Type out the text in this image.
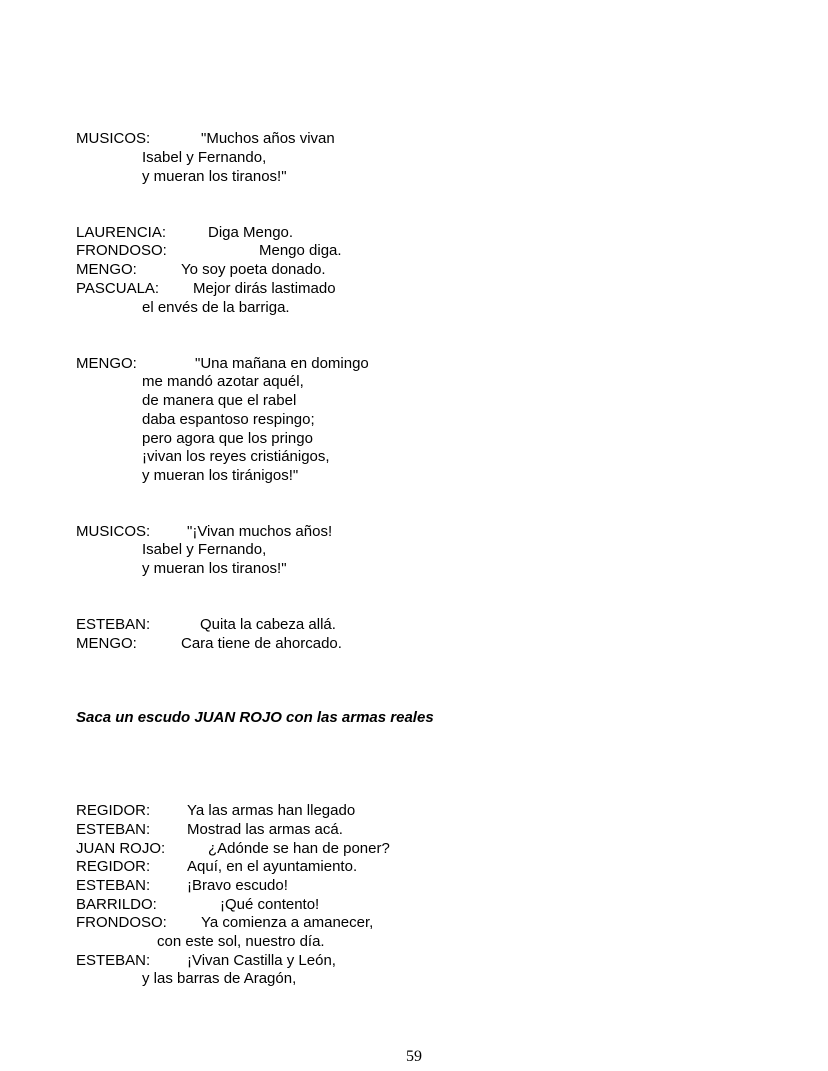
MUSICOS:	"Muchos años vivan
Isabel y Fernando,
y mueran los tiranos!"
LAURENCIA:	Diga Mengo.
FRONDOSO:	Mengo diga.
MENGO:	Yo soy poeta donado.
PASCUALA: Mejor dirás lastimado
el envés de la barriga.
MENGO:	"Una mañana en domingo
me mandó azotar aquél,
de manera que el rabel
daba espantoso respingo;
pero agora que los pringo
¡vivan los reyes cristiánigos,
y mueran los tiránigos!"
MUSICOS: "¡Vivan muchos años!
Isabel y Fernando,
y mueran los tiranos!"
ESTEBAN:	Quita la cabeza allá.
MENGO:	Cara tiene de ahorcado.
Saca un escudo JUAN ROJO con las armas reales
REGIDOR: Ya las armas han llegado
ESTEBAN: Mostrad las armas acá.
JUAN ROJO:	¿Adónde se han de poner?
REGIDOR: Aquí, en el ayuntamiento.
ESTEBAN: ¡Bravo escudo!
BARRILDO:	¡Qué contento!
FRONDOSO: Ya comienza a amanecer,
con este sol, nuestro día.
ESTEBAN: ¡Vivan Castilla y León,
y las barras de Aragón,
59
